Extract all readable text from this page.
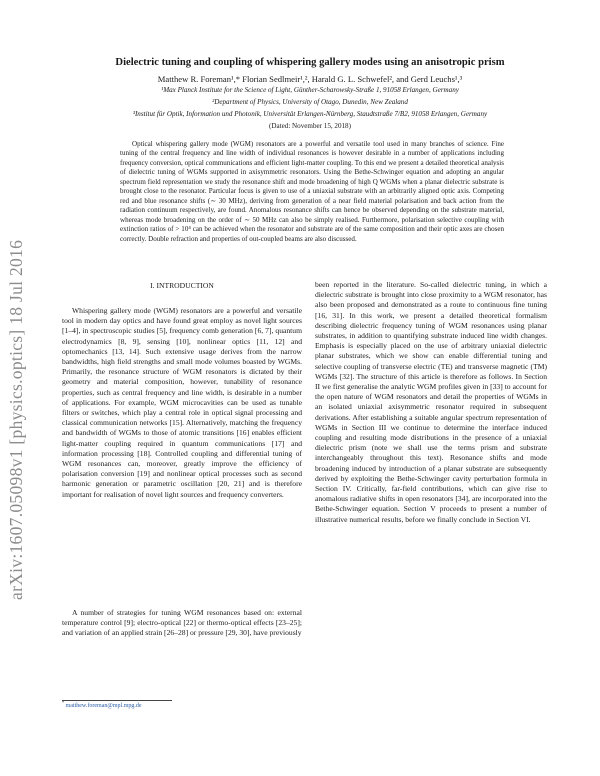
arXiv:1607.05098v1 [physics.optics] 18 Jul 2016
Dielectric tuning and coupling of whispering gallery modes using an anisotropic prism
Matthew R. Foreman¹,* Florian Sedlmeir¹,², Harald G. L. Schwefel², and Gerd Leuchs¹,³
¹Max Planck Institute for the Science of Light, Günther-Scharowsky-Straße 1, 91058 Erlangen, Germany
²Department of Physics, University of Otago, Dunedin, New Zealand
³Institut für Optik, Information und Photonik, Universität Erlangen-Nürnberg, Staudtstraße 7/B2, 91058 Erlangen, Germany
(Dated: November 15, 2018)
Optical whispering gallery mode (WGM) resonators are a powerful and versatile tool used in many branches of science. Fine tuning of the central frequency and line width of individual resonances is however desirable in a number of applications including frequency conversion, optical communications and efficient light-matter coupling. To this end we present a detailed theoretical analysis of dielectric tuning of WGMs supported in axisymmetric resonators. Using the Bethe-Schwinger equation and adopting an angular spectrum field representation we study the resonance shift and mode broadening of high Q WGMs when a planar dielectric substrate is brought close to the resonator. Particular focus is given to use of a uniaxial substrate with an arbitrarily aligned optic axis. Competing red and blue resonance shifts (∼ 30 MHz), deriving from generation of a near field material polarisation and back action from the radiation continuum respectively, are found. Anomalous resonance shifts can hence be observed depending on the substrate material, whereas mode broadening on the order of ∼ 50 MHz can also be simply realised. Furthermore, polarisation selective coupling with extinction ratios of > 10⁴ can be achieved when the resonator and substrate are of the same composition and their optic axes are chosen correctly. Double refraction and properties of out-coupled beams are also discussed.
I. INTRODUCTION

Whispering gallery mode (WGM) resonators are a powerful and versatile tool in modern day optics and have found great employ as novel light sources [1–4], in spectroscopic studies [5], frequency comb generation [6, 7], quantum electrodynamics [8, 9], sensing [10], nonlinear optics [11, 12] and optomechanics [13, 14]. Such extensive usage derives from the narrow bandwidths, high field strengths and small mode volumes boasted by WGMs. Primarily, the resonance structure of WGM resonators is dictated by their geometry and material composition, however, tunability of resonance properties, such as central frequency and line width, is desirable in a number of applications. For example, WGM microcavities can be used as tunable filters or switches, which play a central role in optical signal processing and classical communication networks [15]. Alternatively, matching the frequency and bandwidth of WGMs to those of atomic transitions [16] enables efficient light-matter coupling required in quantum communications [17] and information processing [18]. Controlled coupling and differential tuning of WGM resonances can, moreover, greatly improve the efficiency of polarisation conversion [19] and nonlinear optical processes such as second harmonic generation or parametric oscillation [20, 21] and is therefore important for realisation of novel light sources and frequency converters.

A number of strategies for tuning WGM resonances based on: external temperature control [9]; electro-optical [22] or thermo-optical effects [23–25]; and variation of an applied strain [26–28] or pressure [29, 30], have previously

been reported in the literature. So-called dielectric tuning, in which a dielectric substrate is brought into close proximity to a WGM resonator, has also been proposed and demonstrated as a route to continuous fine tuning [16, 31]. In this work, we present a detailed theoretical formalism describing dielectric frequency tuning of WGM resonances using planar substrates, in addition to quantifying substrate induced line width changes. Emphasis is especially placed on the use of arbitrary uniaxial dielectric planar substrates, which we show can enable differential tuning and selective coupling of transverse electric (TE) and transverse magnetic (TM) WGMs [32]. The structure of this article is therefore as follows. In Section II we first generalise the analytic WGM profiles given in [33] to account for the open nature of WGM resonators and detail the properties of WGMs in an isolated uniaxial axisymmetric resonator required in subsequent derivations. After establishing a suitable angular spectrum representation of WGMs in Section III we continue to determine the interface induced coupling and resulting mode distributions in the presence of a uniaxial dielectric prism (note we shall use the terms prism and substrate interchangeably throughout this text). Resonance shifts and mode broadening induced by introduction of a planar substrate are subsequently derived by exploiting the Bethe-Schwinger cavity perturbation formula in Section IV. Critically, far-field contributions, which can give rise to anomalous radiative shifts in open resonators [34], are incorporated into the Bethe-Schwinger equation. Section V proceeds to present a number of illustrative numerical results, before we finally conclude in Section VI.

* matthew.foreman@mpl.mpg.de
